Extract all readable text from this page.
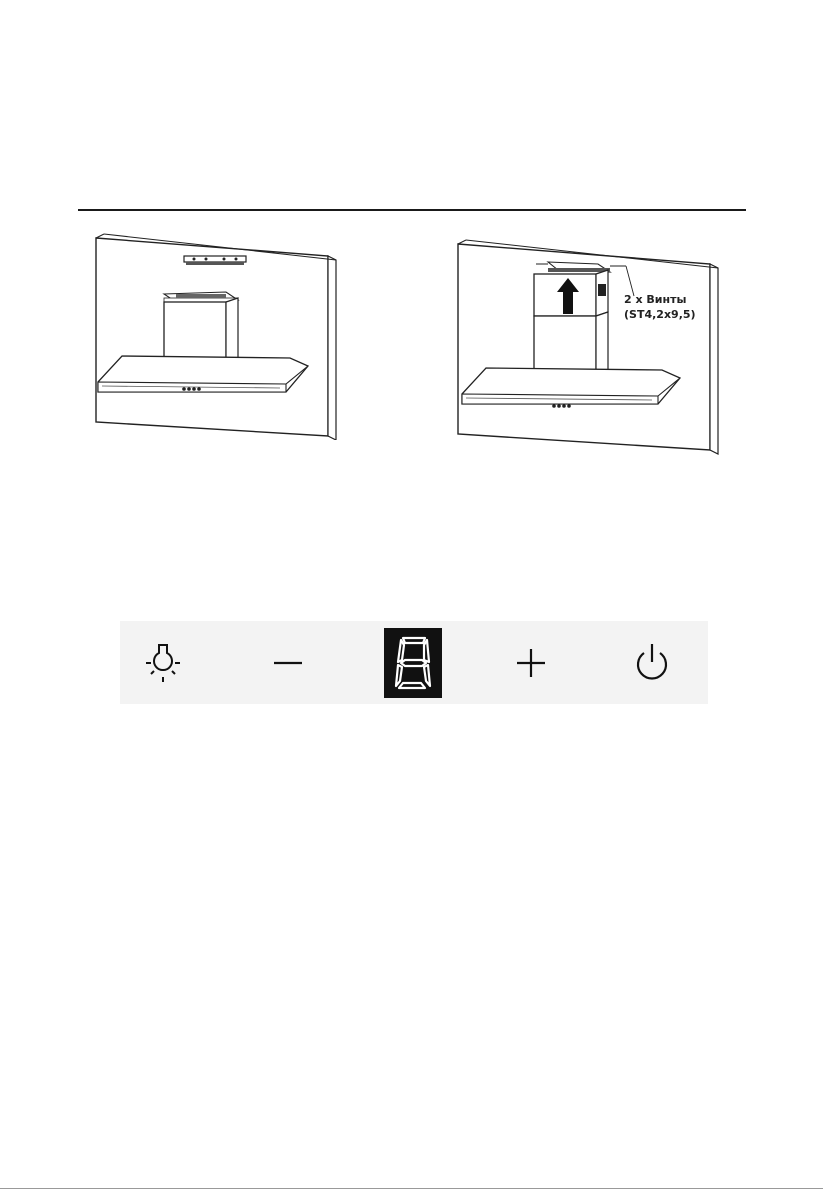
2 x Винты
(ST4,2x9,5)
